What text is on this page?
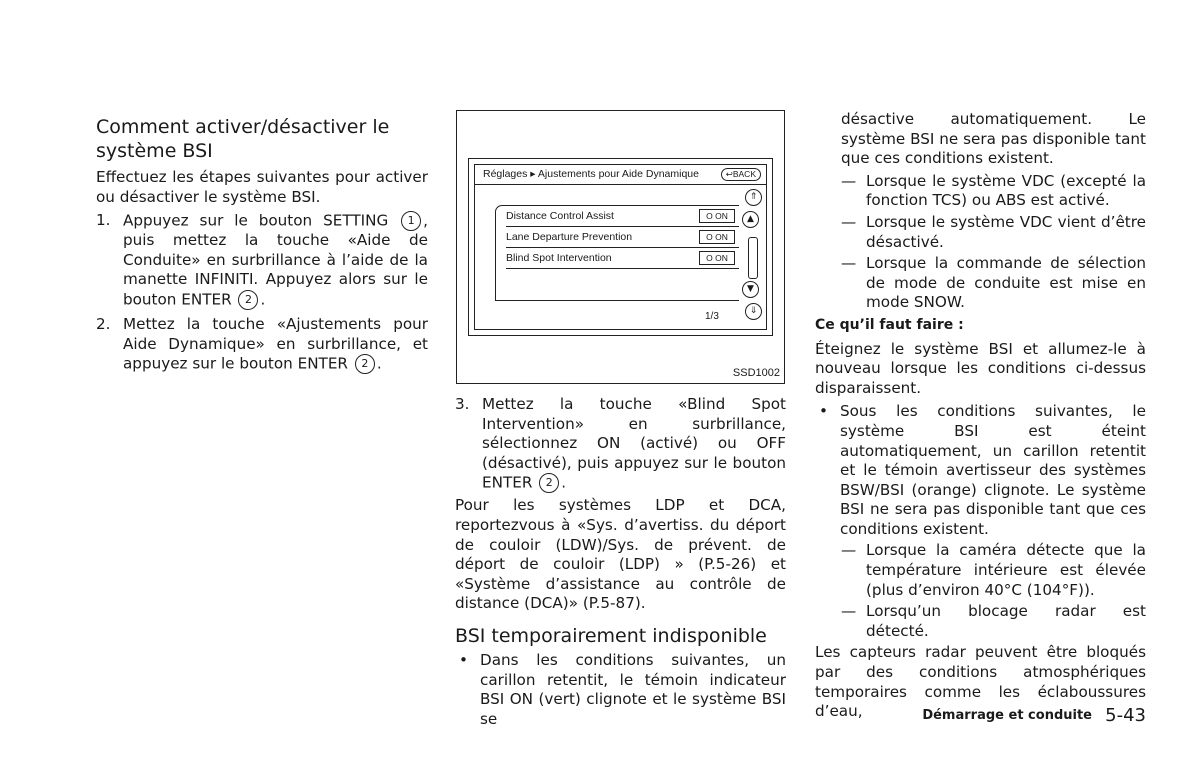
Comment activer/désactiver le système BSI

Effectuez les étapes suivantes pour activer ou désactiver le système BSI.

1. Appuyez sur le bouton SETTING 1 , puis mettez la touche «Aide de Conduite» en surbrillance à l’aide de la manette INFINITI. Appuyez alors sur le bouton ENTER 2 .
2. Mettez la touche «Ajustements pour Aide Dynamique» en surbrillance, et appuyez sur le bouton ENTER 2 .
Réglages ▸ Ajustements pour Aide Dynamique	↩BACK
Distance Control Assist	O ON
Lane Departure Prevention	O ON
Blind Spot Intervention	O ON
⇑
▲
▼
⇓
1/3
SSD1002
3. Mettez la touche «Blind Spot Intervention» en surbrillance, sélectionnez ON (activé) ou OFF (désactivé), puis appuyez sur le bouton ENTER 2 .

Pour les systèmes LDP et DCA, reportezvous à «Sys. d’avertiss. du déport de couloir (LDW)/Sys. de prévent. de déport de couloir (LDP) » (P.5-26) et «Système d’assistance au contrôle de distance (DCA)» (P.5-87).

BSI temporairement indisponible
• Dans les conditions suivantes, un carillon retentit, le témoin indicateur BSI ON (vert) clignote et le système BSI se

désactive automatiquement. Le système BSI ne sera pas disponible tant que ces conditions existent.

— Lorsque le système VDC (excepté la fonction TCS) ou ABS est activé.
— Lorsque le système VDC vient d’être désactivé.
— Lorsque la commande de sélection de mode de conduite est mise en mode SNOW.

Ce qu’il faut faire :

Éteignez le système BSI et allumez-le à nouveau lorsque les conditions ci-dessus disparaissent.

• Sous les conditions suivantes, le système BSI est éteint automatiquement, un carillon retentit et le témoin avertisseur des systèmes BSW/BSI (orange) clignote. Le système BSI ne sera pas disponible tant que ces conditions existent.
— Lorsque la caméra détecte que la température intérieure est élevée (plus d’environ 40°C (104°F)).
— Lorsqu’un blocage radar est détecté.

Les capteurs radar peuvent être bloqués par des conditions atmosphériques temporaires comme les éclaboussures d’eau,	Démarrage et conduite 5-43
